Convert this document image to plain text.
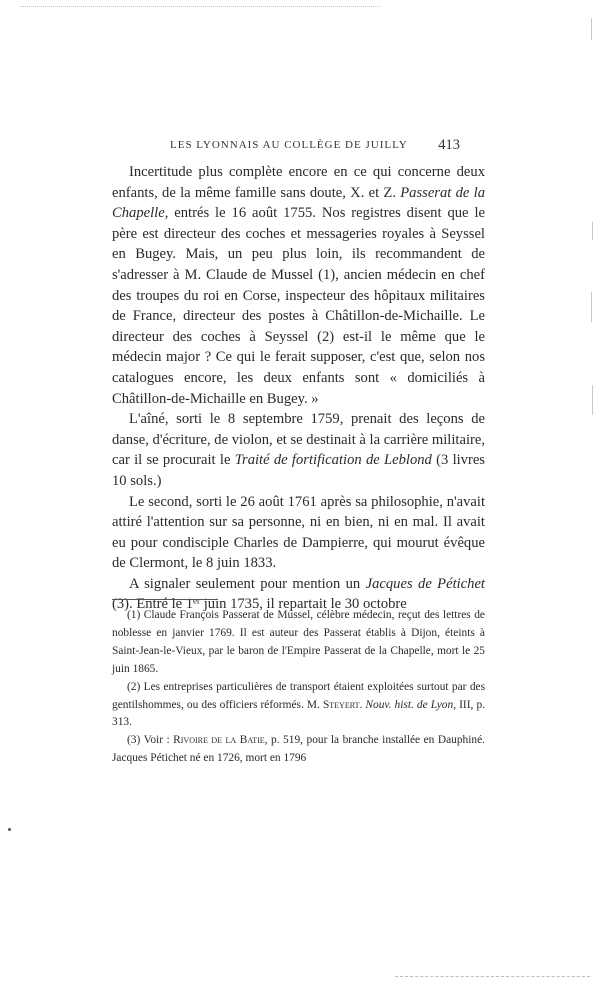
LES LYONNAIS AU COLLÈGE DE JUILLY 413

Incertitude plus complète encore en ce qui concerne deux enfants, de la même famille sans doute, X. et Z. Passerat de la Chapelle, entrés le 16 août 1755. Nos registres disent que le père est directeur des coches et messageries royales à Seyssel en Bugey. Mais, un peu plus loin, ils recommandent de s'adresser à M. Claude de Mussel (1), ancien médecin en chef des troupes du roi en Corse, inspecteur des hôpitaux militaires de France, directeur des postes à Châtillon-de-Michaille. Le directeur des coches à Seyssel (2) est-il le même que le médecin major ? Ce qui le ferait supposer, c'est que, selon nos catalogues encore, les deux enfants sont « domiciliés à Châtillon-de-Michaille en Bugey. »

L'aîné, sorti le 8 septembre 1759, prenait des leçons de danse, d'écriture, de violon, et se destinait à la carrière militaire, car il se procurait le Traité de fortification de Leblond (3 livres 10 sols.)

Le second, sorti le 26 août 1761 après sa philosophie, n'avait attiré l'attention sur sa personne, ni en bien, ni en mal. Il avait eu pour condisciple Charles de Dampierre, qui mourut évêque de Clermont, le 8 juin 1833.

A signaler seulement pour mention un Jacques de Pétichet (3). Entré le 1er juin 1735, il repartait le 30 octobre

(1) Claude François Passerat de Mussel, célèbre médecin, reçut des lettres de noblesse en janvier 1769. Il est auteur des Passerat établis à Dijon, éteints à Saint-Jean-le-Vieux, par le baron de l'Empire Passerat de la Chapelle, mort le 25 juin 1865.

(2) Les entreprises particulières de transport étaient exploitées surtout par des gentilshommes, ou des officiers réformés. M. Steyert. Nouv. hist. de Lyon, III, p. 313.

(3) Voir : Rivoire de la Batie, p. 519, pour la branche installée en Dauphiné. Jacques Pétichet né en 1726, mort en 1796
